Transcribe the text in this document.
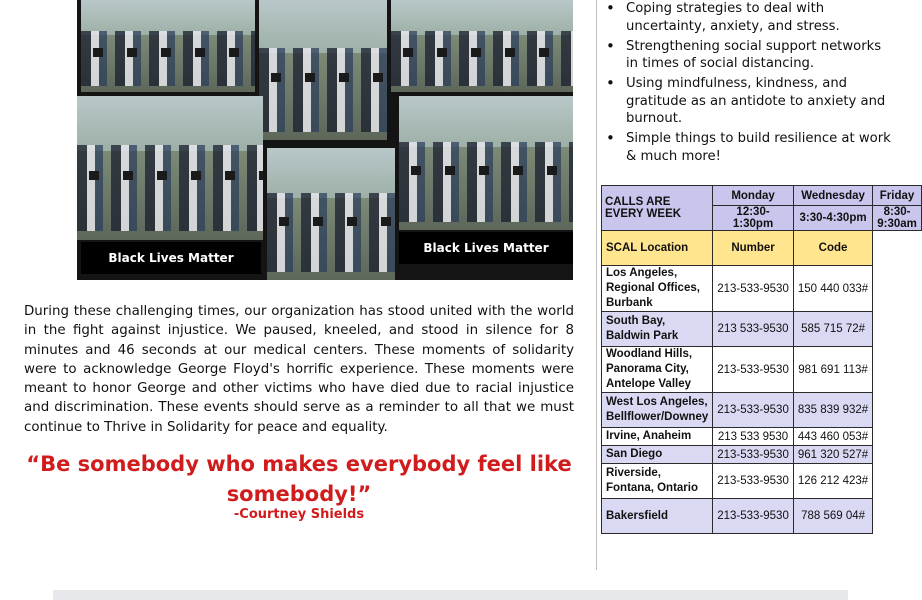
Black Lives Matter
Black Lives Matter

During these challenging times, our organization has stood united with the world in the fight against injustice. We paused, kneeled, and stood in silence for 8 minutes and 46 seconds at our medical centers. These moments of solidarity were to acknowledge George Floyd's horrific experience. These moments were meant to honor George and other victims who have died due to racial injustice and discrimination. These events should serve as a reminder to all that we must continue to Thrive in Solidarity for peace and equality.

“Be somebody who makes everybody feel like somebody!”

-Courtney Shields
• Coping strategies to deal with uncertainty, anxiety, and stress.
• Strengthening social support networks in times of social distancing.
• Using mindfulness, kindness, and gratitude as an antidote to anxiety and burnout.
• Simple things to build resilience at work & much more!
CALLS ARE EVERY WEEK	Monday	Wednesday	Friday
	12:30-1:30pm	3:30-4:30pm	8:30-9:30am
SCAL Location	Number	Code	
Los Angeles, Regional Offices, Burbank	213-533-9530	150 440 033#	
South Bay, Baldwin Park	213 533-9530	585 715 72#	
Woodland Hills, Panorama City, Antelope Valley	213-533-9530	981 691 113#	
West Los Angeles, Bellflower/Downey	213-533-9530	835 839 932#	
Irvine, Anaheim	213 533 9530	443 460 053#	
San Diego	213-533-9530	961 320 527#	
Riverside, Fontana, Ontario	213-533-9530	126 212 423#	
Bakersfield	213-533-9530	788 569 04#	
